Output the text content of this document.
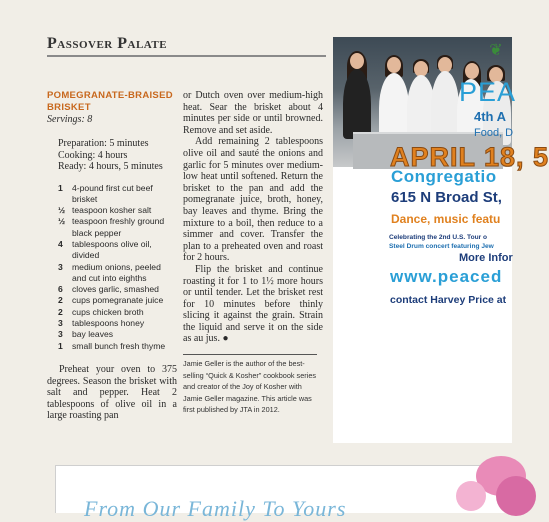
Passover Palate
POMEGRANATE-BRAISED BRISKET
Servings: 8
Preparation: 5 minutes
Cooking: 4 hours
Ready: 4 hours, 5 minutes
1	4-pound first cut beef brisket
½ teaspoon kosher salt
½ teaspoon freshly ground black pepper
4	tablespoons olive oil, divided
3	medium onions, peeled and cut into eighths
6	cloves garlic, smashed
2	cups pomegranate juice
2	cups chicken broth
3	tablespoons honey
3	bay leaves
1	small bunch fresh thyme

Preheat your oven to 375 degrees. Season the brisket with salt and pepper. Heat 2 tablespoons of olive oil in a large roasting pan

or Dutch oven over medium-high heat. Sear the brisket about 4 minutes per side or until browned. Remove and set aside.

Add remaining 2 tablespoons olive oil and sauté the onions and garlic for 5 minutes over medium-low heat until softened. Return the brisket to the pan and add the pomegranate juice, broth, honey, bay leaves and thyme. Bring the mixture to a boil, then reduce to a simmer and cover. Transfer the plan to a preheated oven and roast for 2 hours.

Flip the brisket and continue roasting it for 1 to 1½ more hours or until tender. Let the brisket rest for 10 minutes before thinly slicing it against the grain. Strain the liquid and serve it on the side as au jus. ●

Jamie Geller is the author of the best-selling “Quick & Kosher” cookbook series and creator of the Joy of Kosher with Jamie Geller magazine. This article was first published by JTA in 2012.
❦
PEA
4th A
Food, D
APRIL 18, 5
Congregatio
615 N Broad St,
Dance, music featu
Celebrating the 2nd U.S. Tour o
Steel Drum concert featuring Jew
More Infor
www.peaced
contact Harvey Price at
From Our Family To Yours
